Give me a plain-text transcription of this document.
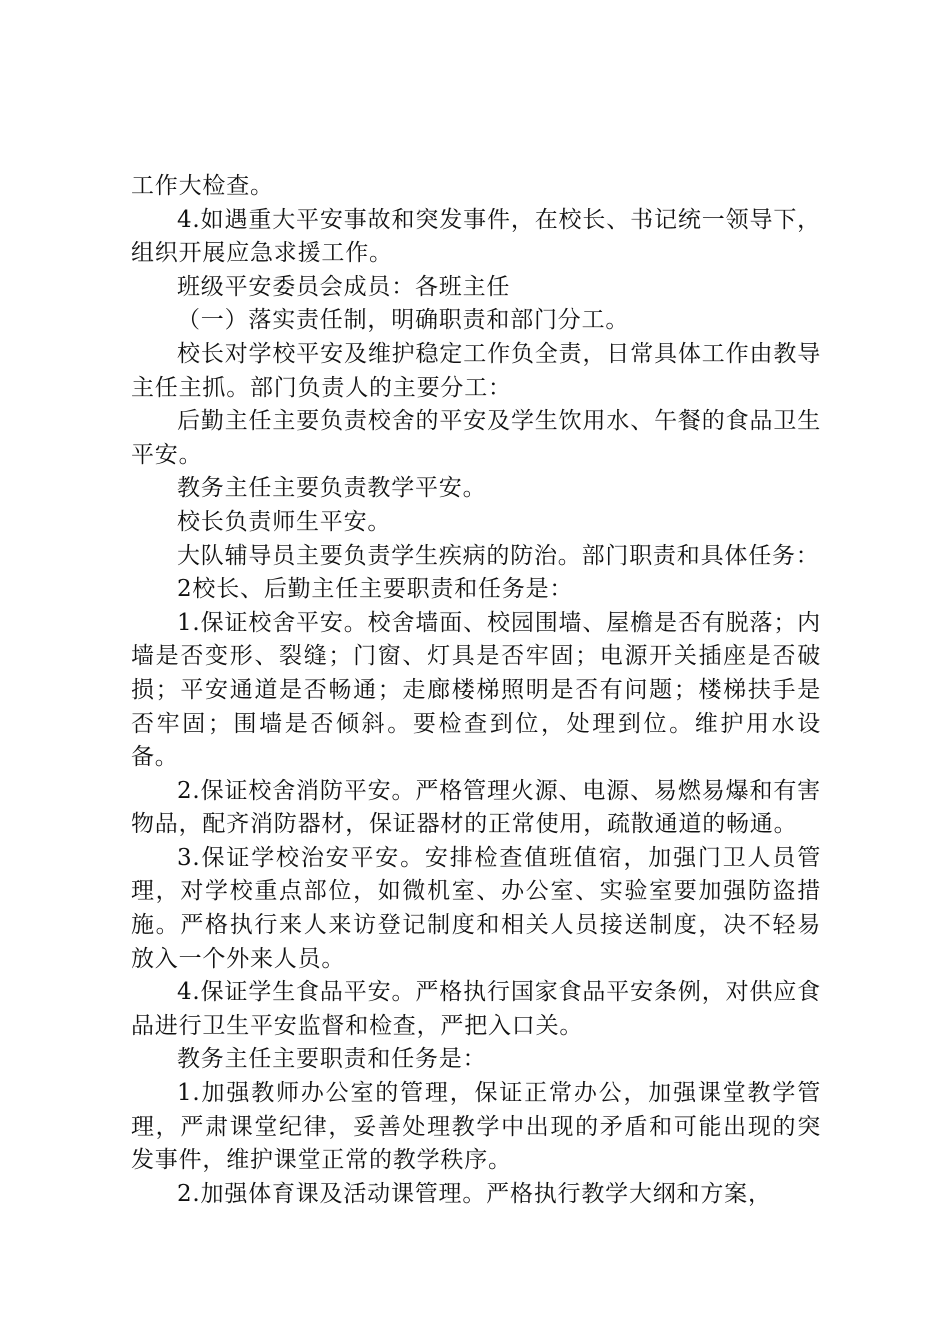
工作大检查。

4.如遇重大平安事故和突发事件，在校长、书记统一领导下，组织开展应急求援工作。

班级平安委员会成员：各班主任

（一）落实责任制，明确职责和部门分工。

校长对学校平安及维护稳定工作负全责，日常具体工作由教导主任主抓。部门负责人的主要分工：

后勤主任主要负责校舍的平安及学生饮用水、午餐的食品卫生平安。

教务主任主要负责教学平安。

校长负责师生平安。

大队辅导员主要负责学生疾病的防治。部门职责和具体任务：

2校长、后勤主任主要职责和任务是：

1.保证校舍平安。校舍墙面、校园围墙、屋檐是否有脱落；内墙是否变形、裂缝；门窗、灯具是否牢固；电源开关插座是否破损；平安通道是否畅通；走廊楼梯照明是否有问题；楼梯扶手是否牢固；围墙是否倾斜。要检查到位，处理到位。维护用水设备。

2.保证校舍消防平安。严格管理火源、电源、易燃易爆和有害物品，配齐消防器材，保证器材的正常使用，疏散通道的畅通。

3.保证学校治安平安。安排检查值班值宿，加强门卫人员管理，对学校重点部位，如微机室、办公室、实验室要加强防盗措施。严格执行来人来访登记制度和相关人员接送制度，决不轻易放入一个外来人员。

4.保证学生食品平安。严格执行国家食品平安条例，对供应食品进行卫生平安监督和检查，严把入口关。

教务主任主要职责和任务是：

1.加强教师办公室的管理，保证正常办公，加强课堂教学管理，严肃课堂纪律，妥善处理教学中出现的矛盾和可能出现的突发事件，维护课堂正常的教学秩序。

2.加强体育课及活动课管理。严格执行教学大纲和方案，
